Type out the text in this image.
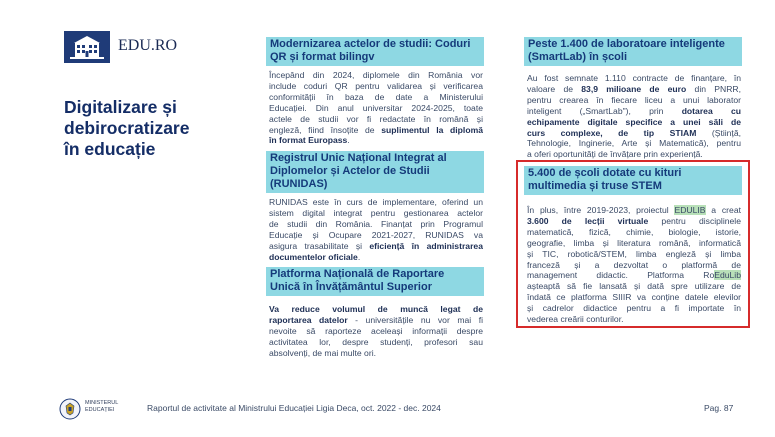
EDU.RO
Digitalizare și
debirocratizare
în educație
Modernizarea actelor de studii: Coduri
QR și format bilingv
Începând din 2024, diplomele din România vor
include coduri QR pentru validarea și verificarea
conformității în baza de date a Ministerului
Educației. Din anul universitar 2024-2025, toate
actele de studii vor fi redactate în română și
engleză, fiind însoțite de suplimentul la diplomă
în format Europass.
Registrul Unic Național Integrat al
Diplomelor și Actelor de Studii
(RUNIDAS)
RUNIDAS este în curs de implementare, oferind un
sistem digital integrat pentru gestionarea actelor
de studii din România. Finanțat prin Programul
Educație și Ocupare 2021-2027, RUNIDAS va
asigura trasabilitate și eficiență în administrarea
documentelor oficiale.
Platforma Națională de Raportare
Unică în Învățământul Superior
Va reduce volumul de muncă legat de
raportarea datelor - universitățile nu vor mai fi
nevoite să raporteze aceleași informații despre
activitatea lor, despre studenți, profesori sau
absolvenți, de mai multe ori.
Peste 1.400 de laboratoare inteligente
(SmartLab) în școli
Au fost semnate 1.110 contracte de finanțare, în
valoare de 83,9 milioane de euro din PNRR,
pentru crearea în fiecare liceu a unui laborator
inteligent („SmartLab"), prin dotarea cu
echipamente digitale specifice a unei săli de
curs complexe, de tip STIAM (Știință,
Tehnologie, Inginerie, Arte și Matematică), pentru
a oferi oportunități de învățare prin experiență.
5.400 de școli dotate cu kituri
multimedia și truse STEM
În plus, între 2019-2023, proiectul EDULIB a creat
3.600 de lecții virtuale pentru disciplinele
matematică, fizică, chimie, biologie, istorie,
geografie, limba și literatura română, informatică
și TIC, robotică/STEM, limba engleză și limba
franceză și a dezvoltat o platformă de
management didactic. Platforma RoEduLib
așteaptă să fie lansată și dată spre utilizare de
îndată ce platforma SIIIR va conține datele elevilor
și cadrelor didactice pentru a fi importate în
vederea creării conturilor.
MINISTERUL
EDUCAȚIEI	Raportul de activitate al Ministrului Educației Ligia Deca, oct. 2022 - dec. 2024	Pag. 87
